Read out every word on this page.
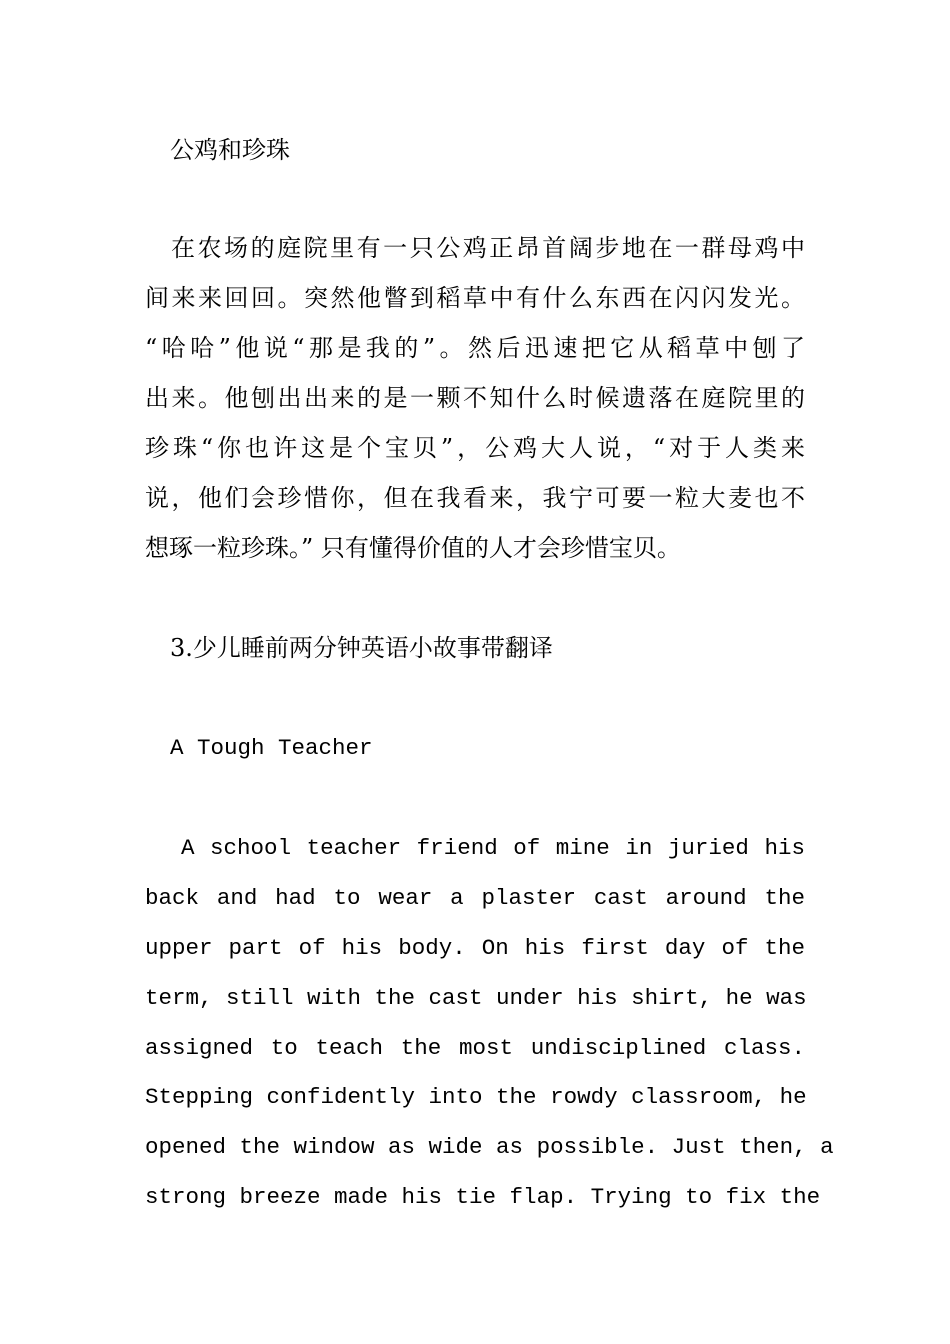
公鸡和珍珠
在农场的庭院里有一只公鸡正昂首阔步地在一群母鸡中
间来来回回。突然他瞥到稻草中有什么东西在闪闪发光。
“哈哈”他说“那是我的”。然后迅速把它从稻草中刨了
出来。他刨出出来的是一颗不知什么时候遗落在庭院里的
珍珠“你也许这是个宝贝”，公鸡大人说，“对于人类来
说，他们会珍惜你，但在我看来，我宁可要一粒大麦也不
想琢一粒珍珠。” 只有懂得价值的人才会珍惜宝贝。
3.少儿睡前两分钟英语小故事带翻译
A Tough Teacher
A school teacher friend of mine in juried his
back and had to wear a plaster cast around the
upper part of his body. On his first day of the
term, still with the cast under his shirt, he was
assigned to teach the most undisciplined class.
Stepping confidently into the rowdy classroom, he
opened the window as wide as possible. Just then, a
strong breeze made his tie flap. Trying to fix the
